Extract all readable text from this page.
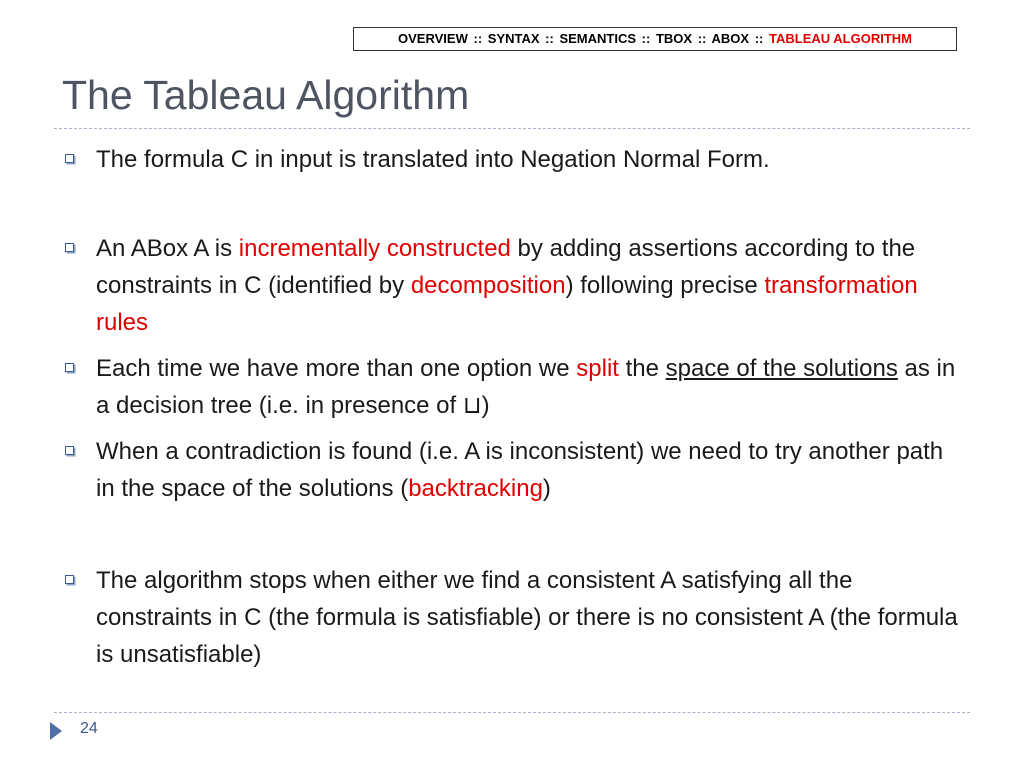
OVERVIEW :: SYNTAX :: SEMANTICS :: TBOX :: ABOX :: TABLEAU ALGORITHM
The Tableau Algorithm
The formula C in input is translated into Negation Normal Form.
An ABox A is incrementally constructed by adding assertions according to the constraints in C (identified by decomposition) following precise transformation rules
Each time we have more than one option we split the space of the solutions as in a decision tree (i.e. in presence of ⊔)
When a contradiction is found (i.e. A is inconsistent) we need to try another path in the space of the solutions (backtracking)
The algorithm stops when either we find a consistent A satisfying all the constraints in C (the formula is satisfiable) or there is no consistent A (the formula is unsatisfiable)
24
